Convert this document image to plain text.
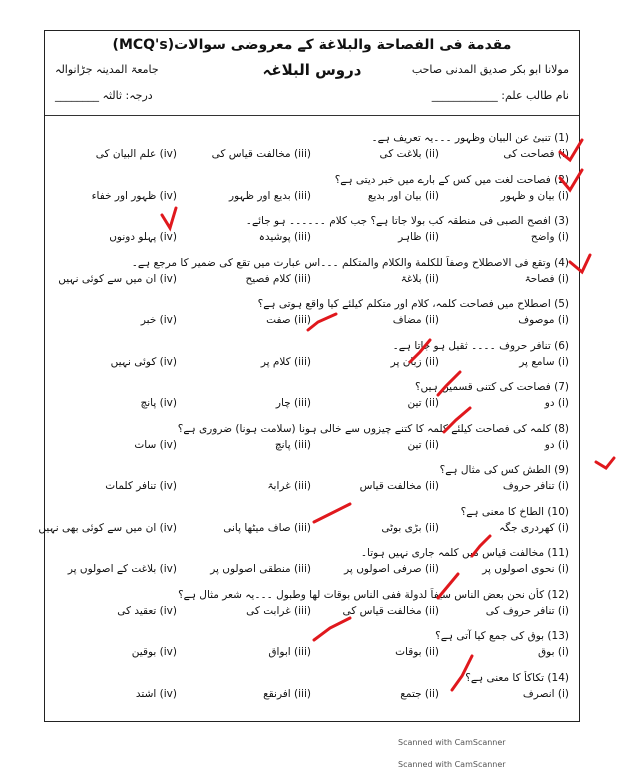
مقدمة فی الفصاحة والبلاغة کے معروضی سوالات(MCQ's)
مولانا ابو بکر صدیق المدنی صاحب
دروس البلاغہ
جامعۃ المدینہ جڑانوالہ
نام طالب علم: ____________
درجہ: ثالثہ ________
(1) تنبئ عن البیان وظہور ۔۔۔یہ تعریف ہے۔
(i) فصاحت کی
(ii) بلاغت کی
(iii) مخالفت قیاس کی
(iv) علم البیان کی
(2) فصاحت لغت میں کس کے بارے میں خبر دیتی ہے؟
(i) بیان و ظہور
(ii) بیان اور بدیع
(iii) بدیع اور ظہور
(iv) ظہور اور خفاء
(3) افصح الصبی فی منطقہ کب بولا جاتا ہے؟ جب کلام ۔۔۔۔۔۔ ہو جائے۔
(i) واضح
(ii) ظاہر
(iii) پوشیدہ
(iv) پہلو دونوں
(4) وتقع فی الاصطلاح وصفاً للکلمة والکلام والمتکلم ۔۔۔اس عبارت میں تقع کی ضمیر کا مرجع ہے۔
(i) فصاحۃ
(ii) بلاغۃ
(iii) کلام فصیح
(iv) ان میں سے کوئی نہیں
(5) اصطلاح میں فصاحت کلمہ، کلام اور متکلم کیلئے کیا واقع ہوتی ہے؟
(i) موصوف
(ii) مضاف
(iii) صفت
(iv) خبر
(6) تنافر حروف ۔۔۔۔ ثقیل ہو جاتا ہے۔
(i) سامع پر
(ii) زبان پر
(iii) کلام پر
(iv) کوئی نہیں
(7) فصاحت کی کتنی قسمیں ہیں؟
(i) دو
(ii) تین
(iii) چار
(iv) پانچ
(8) کلمہ کی فصاحت کیلئے کلمہ کا کتنے چیزوں سے خالی ہونا (سلامت ہونا) ضروری ہے؟
(i) دو
(ii) تین
(iii) پانچ
(iv) سات
(9) الطش کس کی مثال ہے؟
(i) تنافر حروف
(ii) مخالفت قیاس
(iii) غرابۃ
(iv) تنافر کلمات
(10) الطاخ کا معنی ہے؟
(i) کھردری جگہ
(ii) بڑی بوٹی
(iii) صاف میٹھا پانی
(iv) ان میں سے کوئی بھی نہیں
(11) مخالفت قیاس میں کلمہ جاری نہیں ہوتا۔
(i) نحوی اصولوں پر
(ii) صرفی اصولوں پر
(iii) منطقی اصولوں پر
(iv) بلاغت کے اصولوں پر
(12) کأن نحن بعض الناس سیفاً لدولة ففی الناس بوقات لها وطبول ۔۔۔یہ شعر مثال ہے؟
(i) تنافر حروف کی
(ii) مخالفت قیاس کی
(iii) غرابت کی
(iv) تعقید کی
(13) بوق کی جمع کیا آتی ہے؟
(i) بوق
(ii) بوقات
(iii) ابواق
(iv) بوقین
(14) تکاکأ کا معنی ہے؟
(i) انصرف
(ii) جتمع
(iii) افرنقع
(iv) اشتد
Scanned with CamScanner
Scanned with CamScanner
